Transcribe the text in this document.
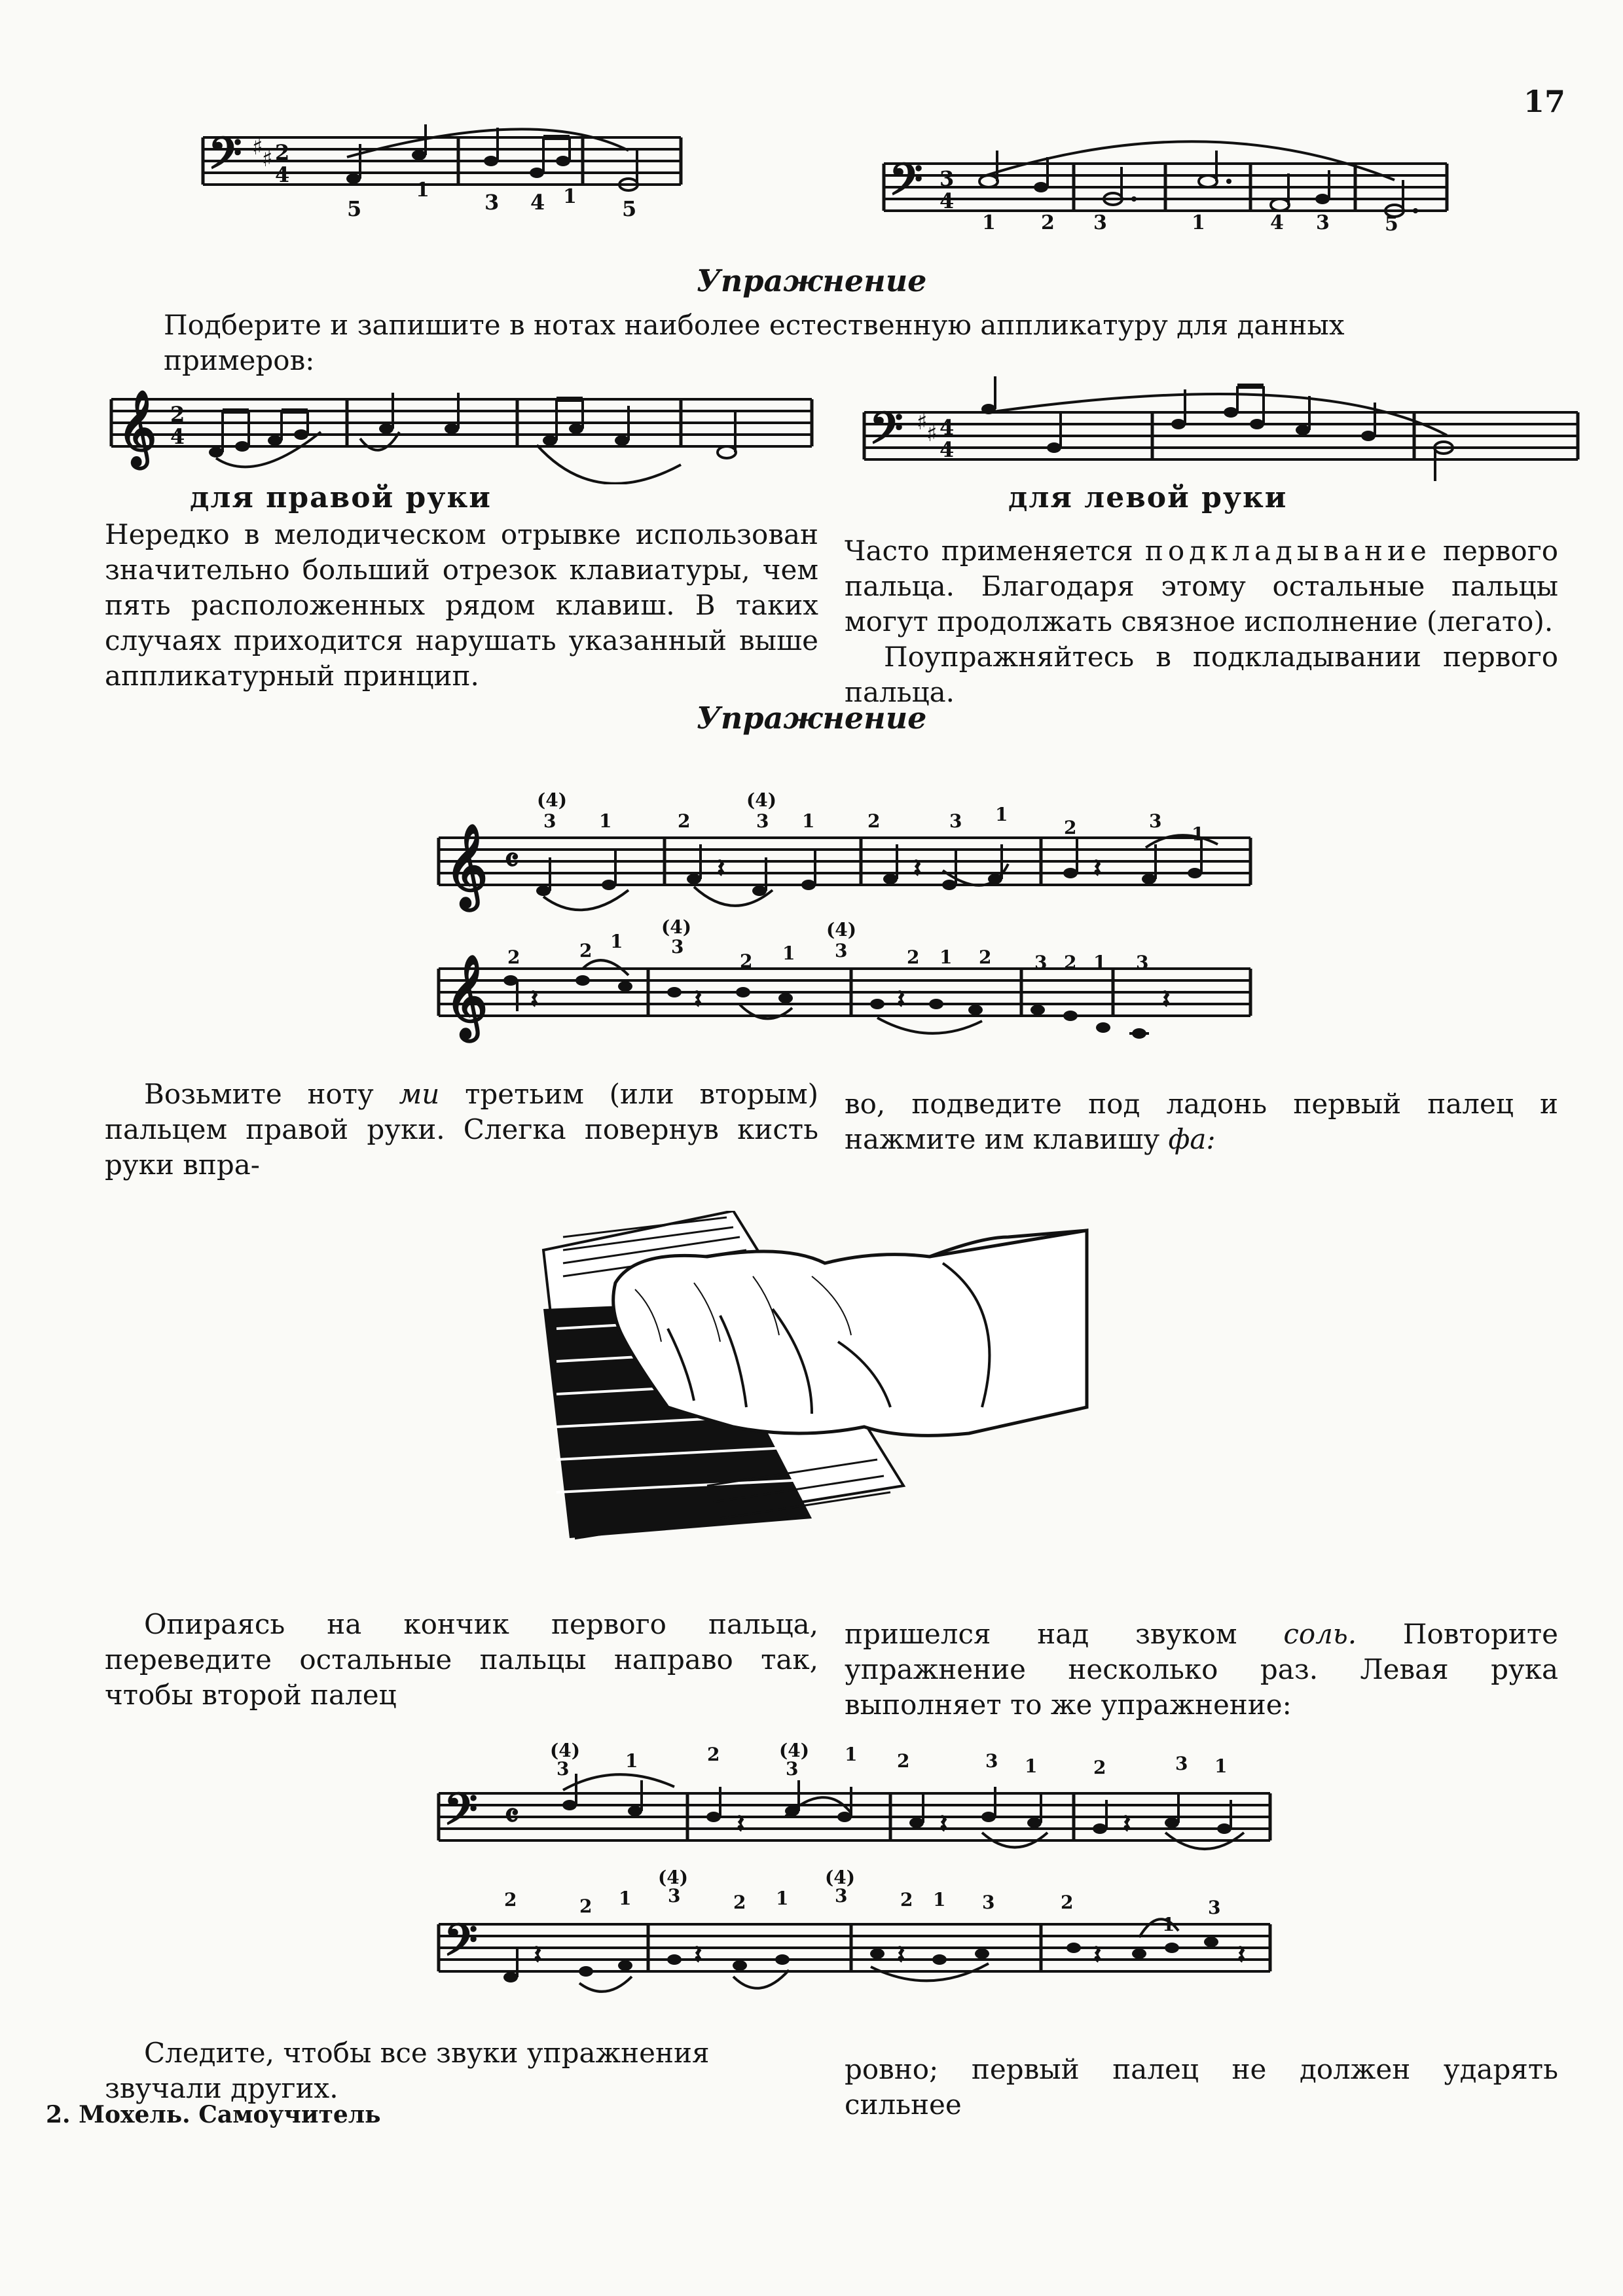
17
𝄢 ♯
♯ 2
4
5
1	3 4 1 5	𝄢 3
4
1 2 3	1	4 3	5
Упражнение
Подберите и запишите в нотах наиболее естественную аппликатуру для данных примеров:
𝄞 2
4	𝄢 ♯
♯ 4
4
для правой руки	для левой руки
Нередко в мелодическом отрывке использован значительно больший отрезок клавиатуры, чем пять расположенных рядом клавиш. В таких случаях приходится нарушать указанный выше аппликатурный принцип.
Часто применяется подкладывание первого пальца. Благодаря этому остальные пальцы могут продолжать связное исполнение (легато).
Поупражняйтесь в подкладывании первого пальца.
Упражнение
𝄞 𝄴	𝄽	𝄽	𝄽
(4)
3 1	2
(4)
3 1	2	3 1
2	3
1
𝄞 𝄽	𝄽	𝄽	𝄽
2	2 1
(4)
3
2 1
(4)
3	2 1 2 3 2 1 3
Возьмите ноту ми третьим (или вторым) пальцем правой руки. Слегка повернув кисть руки впра-
во, подведите под ладонь первый палец и нажмите им клавишу фа:
Опираясь на кончик первого пальца, переведите остальные пальцы направо так, чтобы второй палец
пришелся над звуком соль. Повторите упражнение несколько раз. Левая рука выполняет то же упражнение:
𝄢 𝄴	𝄽	𝄽	𝄽
(4)
3	1	2	(4)
3
1 2	3 1	2	3 1
𝄢 𝄽	𝄽	𝄽	𝄽	𝄽
2	2 1
(4)
3	2 1
(4)
3	2 1 3	2
1
3
Следите, чтобы все звуки упражнения звучали других.
ровно; первый палец не должен ударять сильнее
2. Мохель. Самоучитель
